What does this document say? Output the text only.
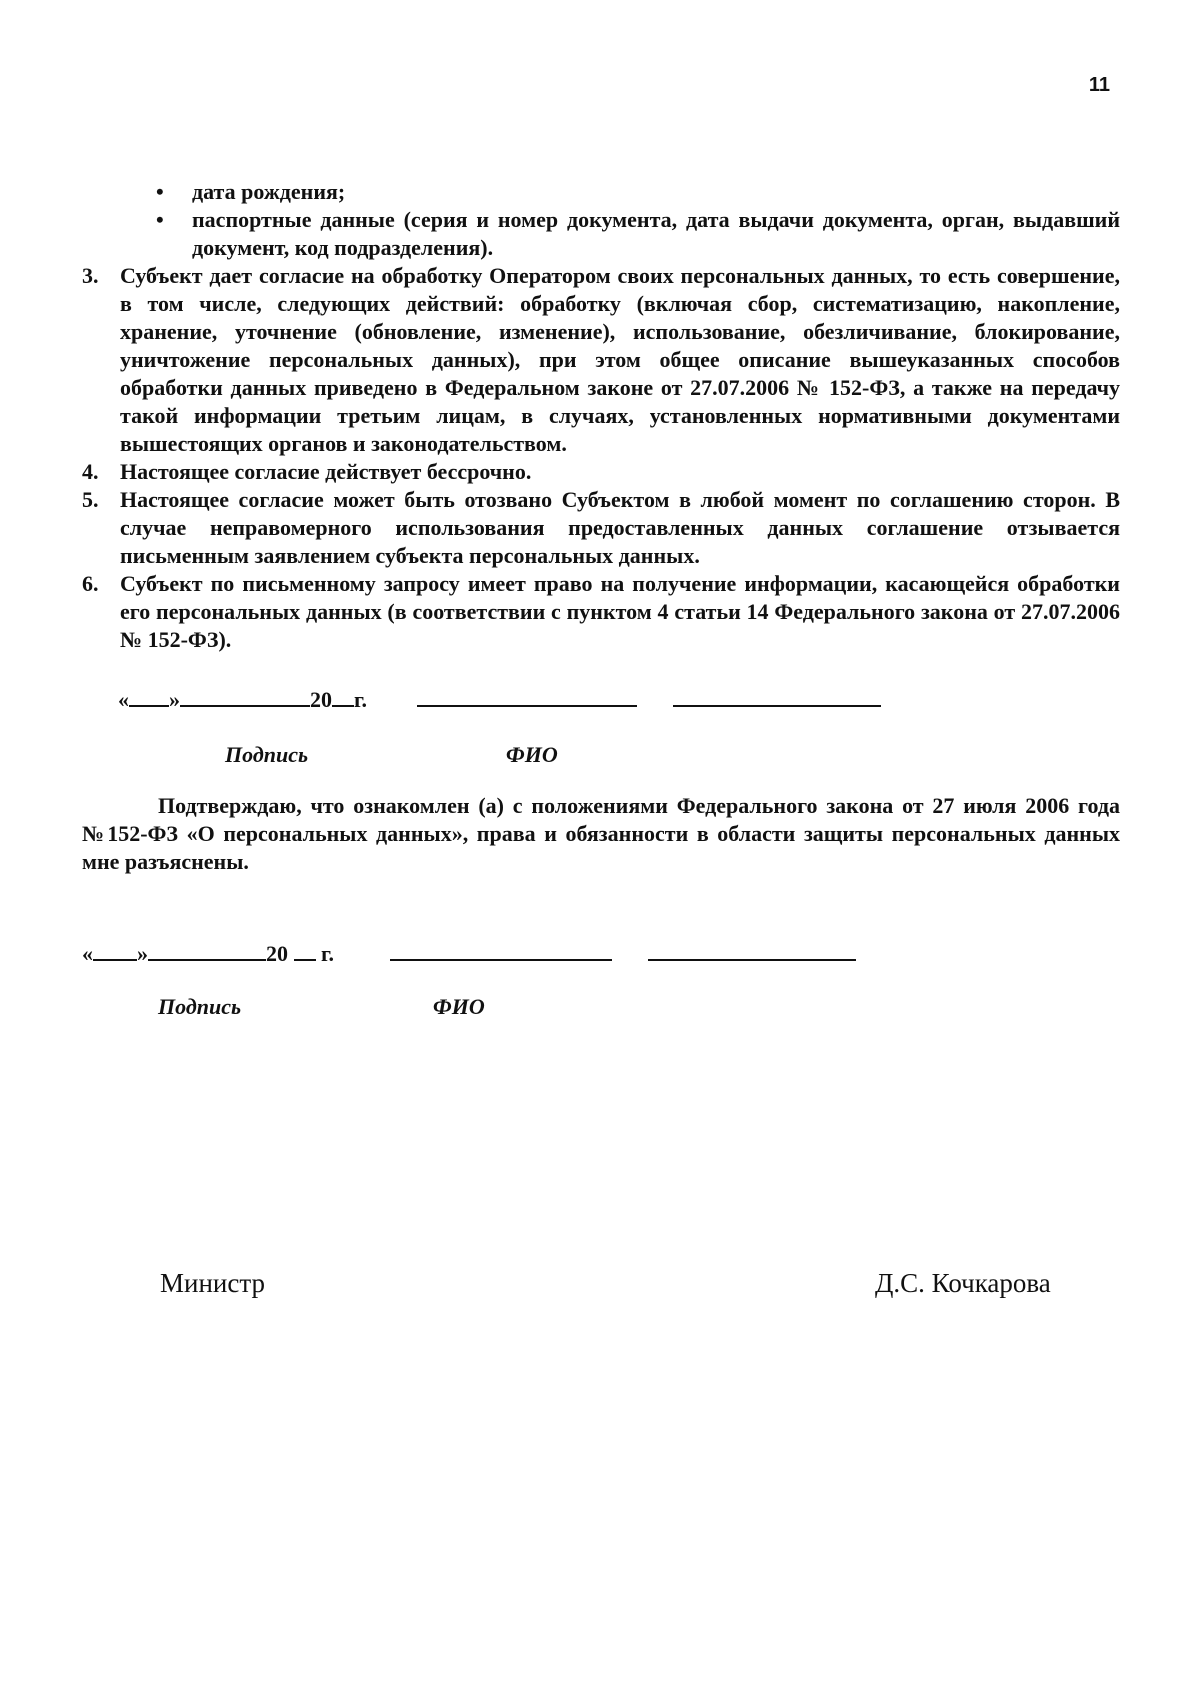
11

• дата рождения;

• паспортные данные (серия и номер документа, дата выдачи документа, орган, выдавший документ, код подразделения).

3. Субъект дает согласие на обработку Оператором своих персональных данных, то есть совершение, в том числе, следующих действий: обработку (включая сбор, систематизацию, накопление, хранение, уточнение (обновление, изменение), использование, обезличивание, блокирование, уничтожение персональных данных), при этом общее описание вышеуказанных способов обработки данных приведено в Федеральном законе от 27.07.2006 № 152-ФЗ, а также на передачу такой информации третьим лицам, в случаях, установленных нормативными документами вышестоящих органов и законодательством.

4. Настоящее согласие действует бессрочно.

5. Настоящее согласие может быть отозвано Субъектом в любой момент по соглашению сторон. В случае неправомерного использования предоставленных данных соглашение отзывается письменным заявлением субъекта персональных данных.

6. Субъект по письменному запросу имеет право на получение информации, касающейся обработки его персональных данных (в соответствии с пунктом 4 статьи 14 Федерального закона от 27.07.2006 № 152-ФЗ).

« »	20 г.
Подпись	ФИО
Подтверждаю, что ознакомлен (а) с положениями Федерального закона от 27 июля 2006 года №152-ФЗ «О персональных данных», права и обязанности в области защиты персональных данных мне разъяснены.
« »	20 г.
Подпись	ФИО
Министр	Д.С. Кочкарова
